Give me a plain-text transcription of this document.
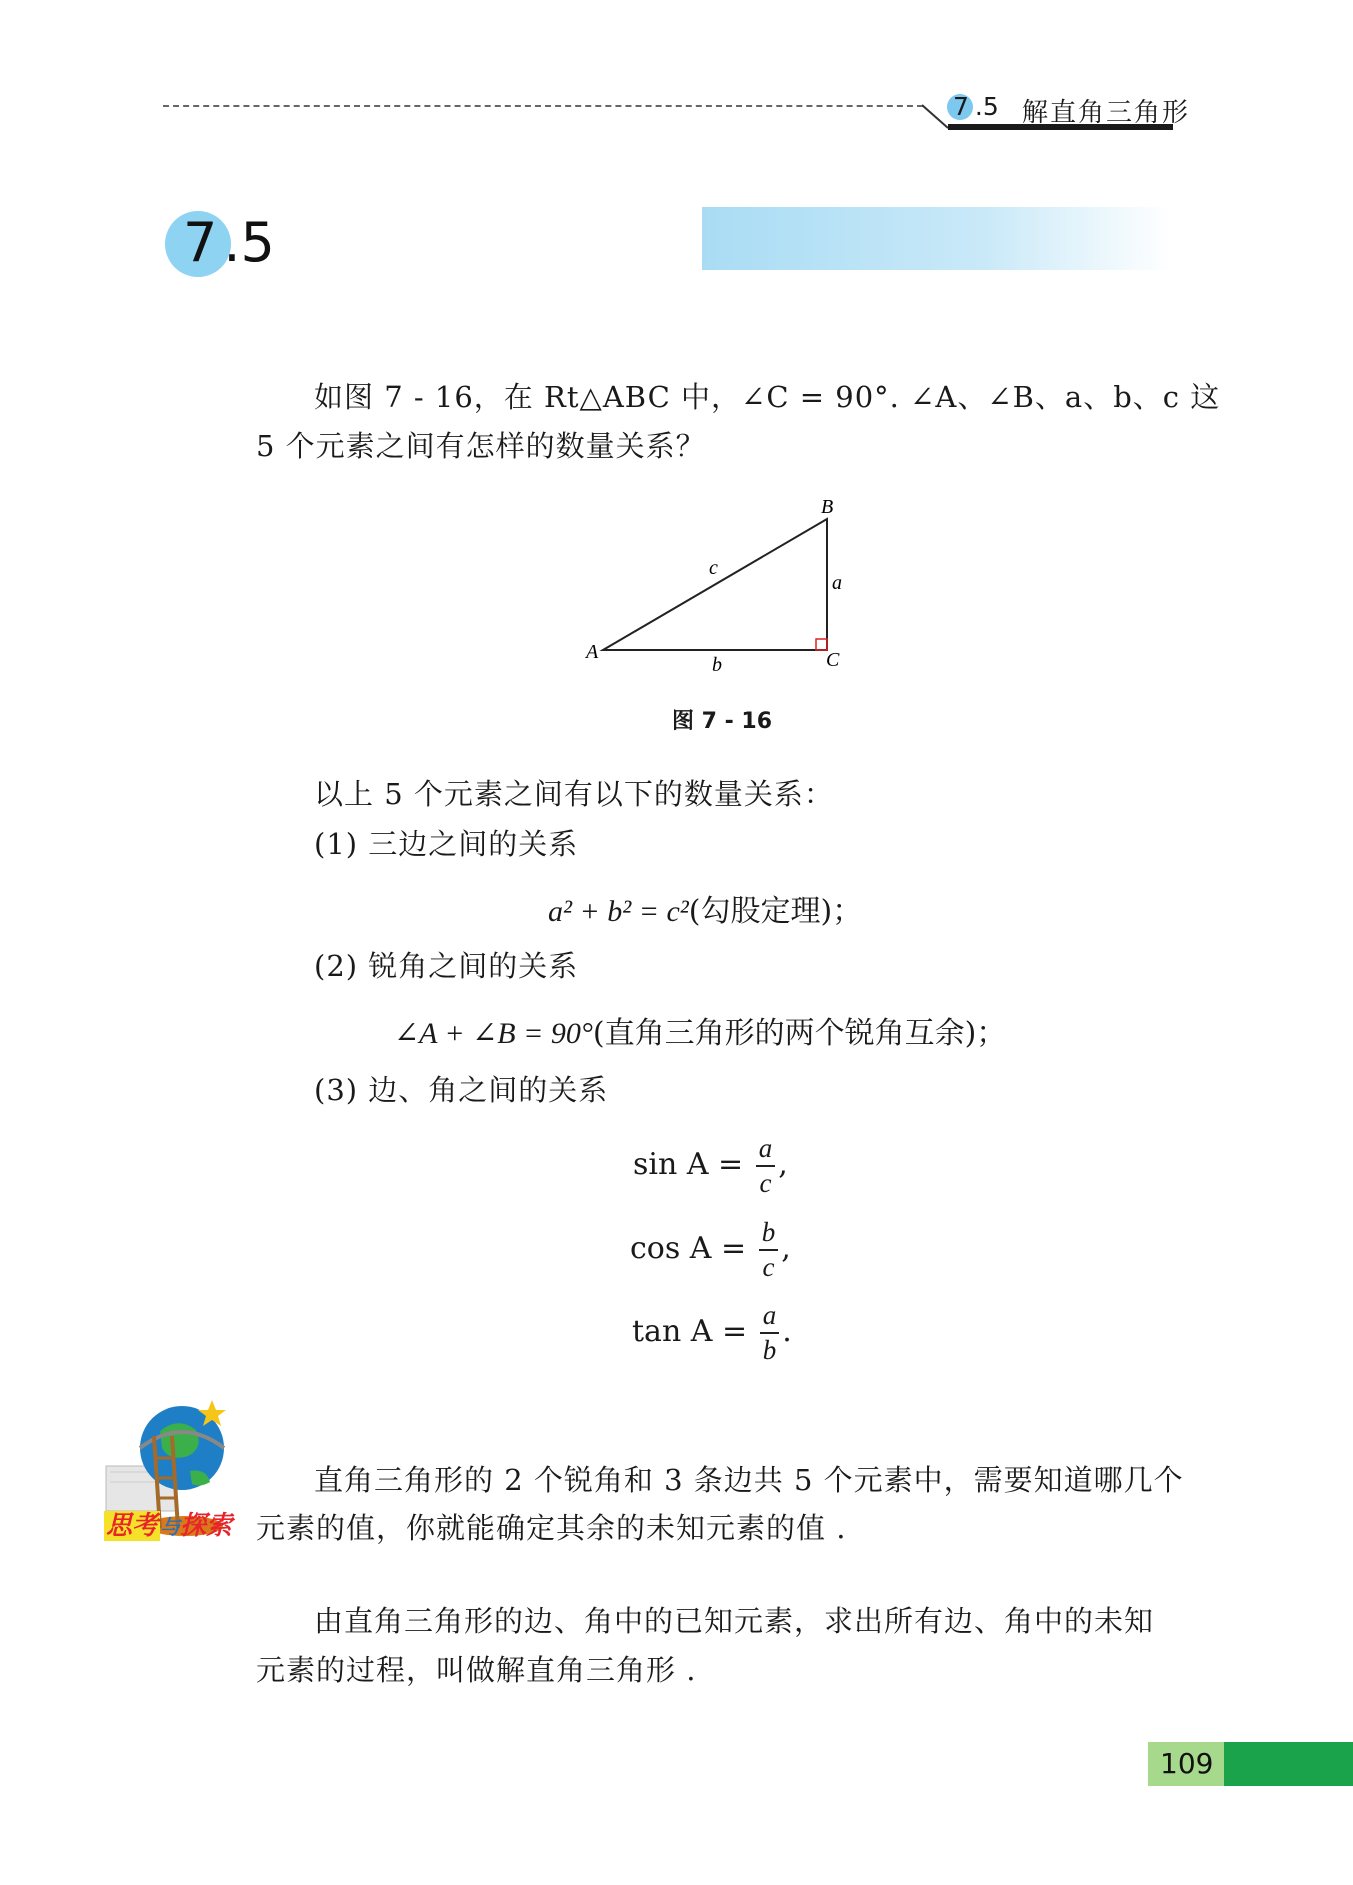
7 .5 解直角三角形
7 .5
如图 7 - 16，在 Rt△ABC 中，∠C = 90°. ∠A、∠B、a、b、c 这
5 个元素之间有怎样的数量关系？
A
B
C
a
b
c
图 7 - 16
以上 5 个元素之间有以下的数量关系：
(1) 三边之间的关系
a² + b² = c²(勾股定理)；
(2) 锐角之间的关系
∠A + ∠B = 90°(直角三角形的两个锐角互余)；
(3) 边、角之间的关系
$\sin A = \frac{a}{c}$ ,
$\cos A = \frac{b}{c}$ ,
$\tan A = \frac{a}{b}$ .
思考 与探索
直角三角形的 2 个锐角和 3 条边共 5 个元素中，需要知道哪几个
元素的值，你就能确定其余的未知元素的值 .
由直角三角形的边、角中的已知元素，求出所有边、角中的未知
元素的过程，叫做解直角三角形 .
109
